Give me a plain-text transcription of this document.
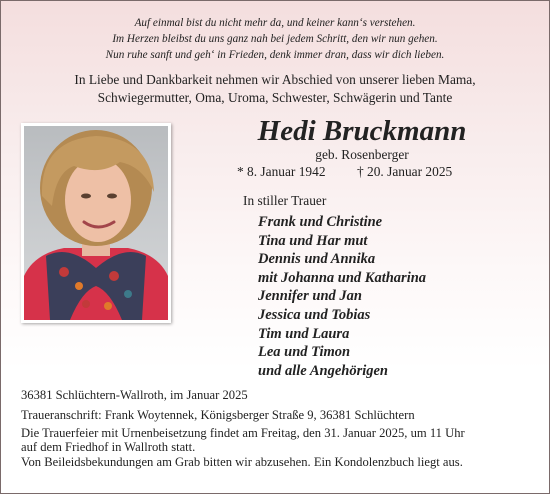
Auf einmal bist du nicht mehr da, und keiner kann‘s verstehen.
Im Herzen bleibst du uns ganz nah bei jedem Schritt, den wir nun gehen.
Nun ruhe sanft und geh‘ in Frieden, denk immer dran, dass wir dich lieben.
In Liebe und Dankbarkeit nehmen wir Abschied von unserer lieben Mama,
Schwiegermutter, Oma, Uroma, Schwester, Schwägerin und Tante
Hedi Bruckmann
geb. Rosenberger
* 8. Januar 1942 † 20. Januar 2025
In stiller Trauer
Frank und Christine
Tina und Har mut
Dennis und Annika
mit Johanna und Katharina
Jennifer und Jan
Jessica und Tobias
Tim und Laura
Lea und Timon
und alle Angehörigen
36381 Schlüchtern-Wallroth, im Januar 2025
Traueranschrift: Frank Woytennek, Königsberger Straße 9, 36381 Schlüchtern
Die Trauerfeier mit Urnenbeisetzung findet am Freitag, den 31. Januar 2025, um 11 Uhr
auf dem Friedhof in Wallroth statt.
Von Beileidsbekundungen am Grab bitten wir abzusehen. Ein Kondolenzbuch liegt aus.
